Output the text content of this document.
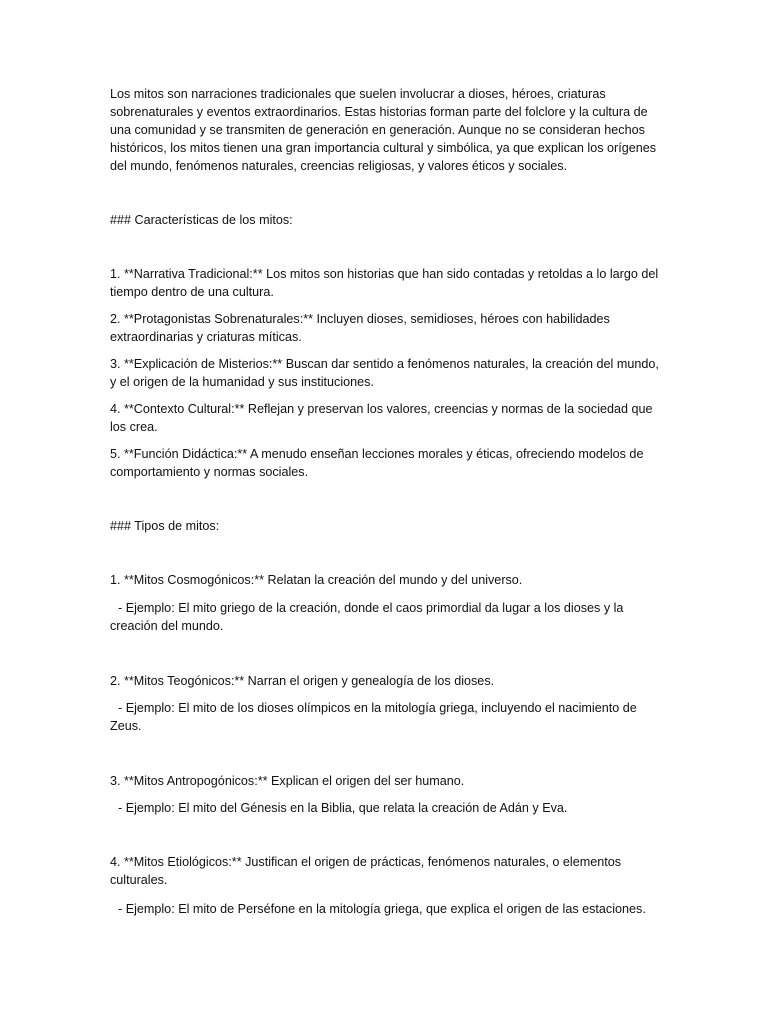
Los mitos son narraciones tradicionales que suelen involucrar a dioses, héroes, criaturas sobrenaturales y eventos extraordinarios. Estas historias forman parte del folclore y la cultura de una comunidad y se transmiten de generación en generación. Aunque no se consideran hechos históricos, los mitos tienen una gran importancia cultural y simbólica, ya que explican los orígenes del mundo, fenómenos naturales, creencias religiosas, y valores éticos y sociales.
### Características de los mitos:
1. **Narrativa Tradicional:** Los mitos son historias que han sido contadas y retoldas a lo largo del tiempo dentro de una cultura.
2. **Protagonistas Sobrenaturales:** Incluyen dioses, semidioses, héroes con habilidades extraordinarias y criaturas míticas.
3. **Explicación de Misterios:** Buscan dar sentido a fenómenos naturales, la creación del mundo, y el origen de la humanidad y sus instituciones.
4. **Contexto Cultural:** Reflejan y preservan los valores, creencias y normas de la sociedad que los crea.
5. **Función Didáctica:** A menudo enseñan lecciones morales y éticas, ofreciendo modelos de comportamiento y normas sociales.
### Tipos de mitos:
1. **Mitos Cosmogónicos:** Relatan la creación del mundo y del universo.
- Ejemplo: El mito griego de la creación, donde el caos primordial da lugar a los dioses y la creación del mundo.
2. **Mitos Teogónicos:** Narran el origen y genealogía de los dioses.
- Ejemplo: El mito de los dioses olímpicos en la mitología griega, incluyendo el nacimiento de Zeus.
3. **Mitos Antropogónicos:** Explican el origen del ser humano.
- Ejemplo: El mito del Génesis en la Biblia, que relata la creación de Adán y Eva.
4. **Mitos Etiológicos:** Justifican el origen de prácticas, fenómenos naturales, o elementos culturales.
- Ejemplo: El mito de Perséfone en la mitología griega, que explica el origen de las estaciones.
